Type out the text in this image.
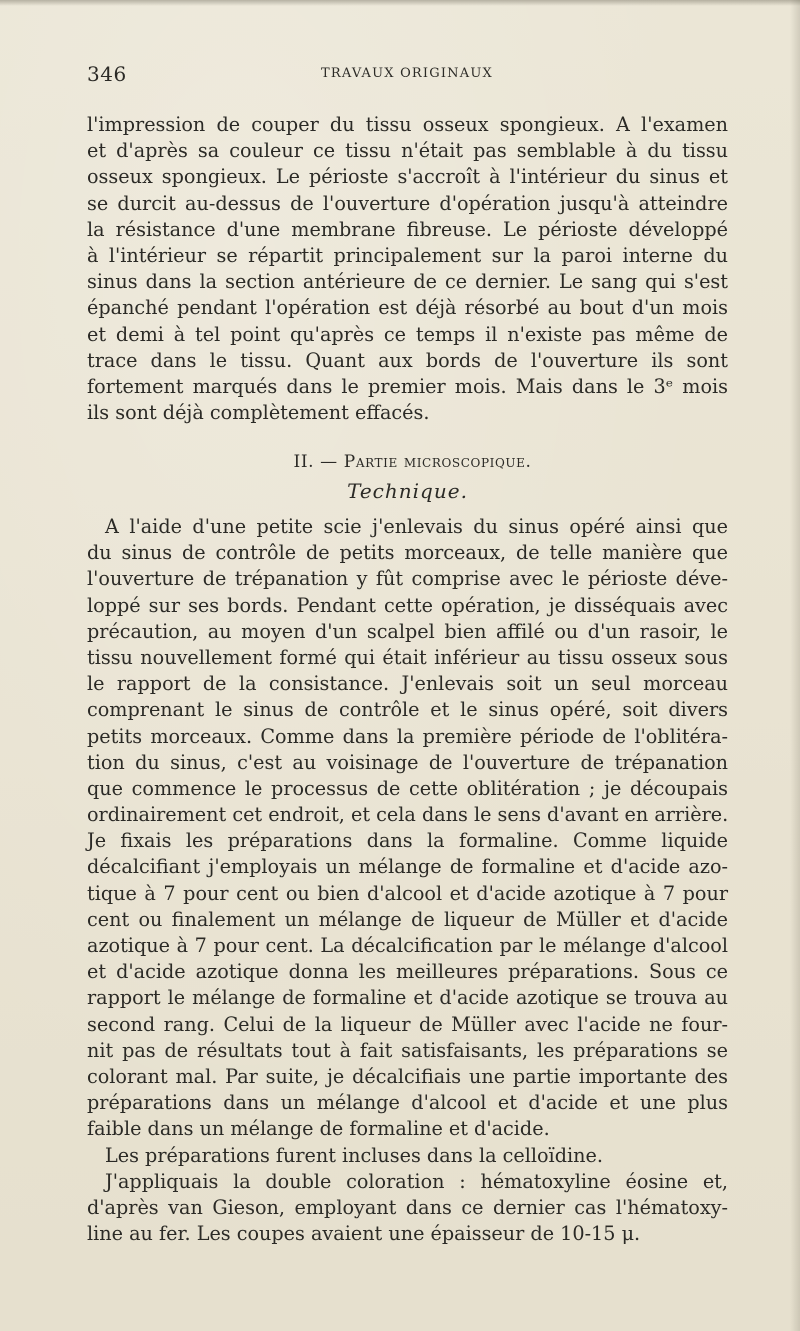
346	TRAVAUX ORIGINAUX
l'impression de couper du tissu osseux spongieux. A l'examen
et d'après sa couleur ce tissu n'était pas semblable à du tissu
osseux spongieux. Le périoste s'accroît à l'intérieur du sinus et
se durcit au-dessus de l'ouverture d'opération jusqu'à atteindre
la résistance d'une membrane fibreuse. Le périoste développé
à l'intérieur se répartit principalement sur la paroi interne du
sinus dans la section antérieure de ce dernier. Le sang qui s'est
épanché pendant l'opération est déjà résorbé au bout d'un mois
et demi à tel point qu'après ce temps il n'existe pas même de
trace dans le tissu. Quant aux bords de l'ouverture ils sont
fortement marqués dans le premier mois. Mais dans le 3ᵉ mois
ils sont déjà complètement effacés.
II. — Partie microscopique.
Technique.
A l'aide d'une petite scie j'enlevais du sinus opéré ainsi que
du sinus de contrôle de petits morceaux, de telle manière que
l'ouverture de trépanation y fût comprise avec le périoste déve-
loppé sur ses bords. Pendant cette opération, je disséquais avec
précaution, au moyen d'un scalpel bien affilé ou d'un rasoir, le
tissu nouvellement formé qui était inférieur au tissu osseux sous
le rapport de la consistance. J'enlevais soit un seul morceau
comprenant le sinus de contrôle et le sinus opéré, soit divers
petits morceaux. Comme dans la première période de l'oblitéra-
tion du sinus, c'est au voisinage de l'ouverture de trépanation
que commence le processus de cette oblitération ; je découpais
ordinairement cet endroit, et cela dans le sens d'avant en arrière.
Je fixais les préparations dans la formaline. Comme liquide
décalcifiant j'employais un mélange de formaline et d'acide azo-
tique à 7 pour cent ou bien d'alcool et d'acide azotique à 7 pour
cent ou finalement un mélange de liqueur de Müller et d'acide
azotique à 7 pour cent. La décalcification par le mélange d'alcool
et d'acide azotique donna les meilleures préparations. Sous ce
rapport le mélange de formaline et d'acide azotique se trouva au
second rang. Celui de la liqueur de Müller avec l'acide ne four-
nit pas de résultats tout à fait satisfaisants, les préparations se
colorant mal. Par suite, je décalcifiais une partie importante des
préparations dans un mélange d'alcool et d'acide et une plus
faible dans un mélange de formaline et d'acide.
Les préparations furent incluses dans la celloïdine.
J'appliquais la double coloration : hématoxyline éosine et,
d'après van Gieson, employant dans ce dernier cas l'hématoxy-
line au fer. Les coupes avaient une épaisseur de 10-15 μ.
